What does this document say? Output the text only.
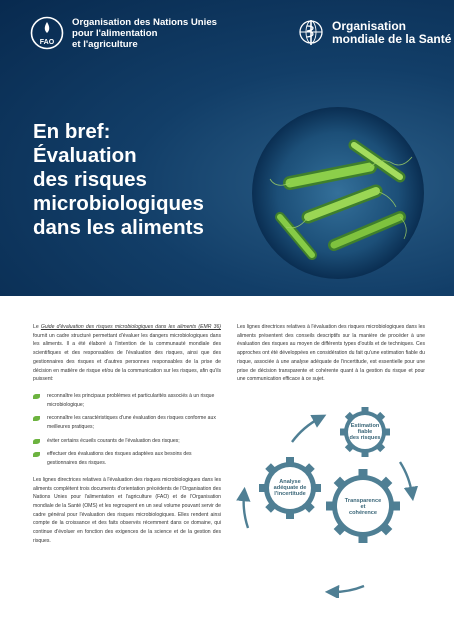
FAO
Organisation des Nations Unies
pour l'alimentation
et l'agriculture
Organisation
mondiale de la Santé
En bref:
Évaluation
des risques
microbiologiques
dans les aliments

Le Guide d'évaluation des risques microbiologiques dans les aliments (EMR 36) fournit un cadre structuré permettant d'évaluer les dangers microbiologiques dans les aliments. Il a été élaboré à l'intention de la communauté mondiale des scientifiques et des responsables de l'évaluation des risques, ainsi que des gestionnaires des risques et d'autres personnes responsables de la prise de décision en matière de risque et/ou de la communication sur les risques, afin qu'ils puissent:

reconnaître les principaux problèmes et particularités associés à un risque microbiologique;
reconnaître les caractéristiques d'une évaluation des risques conforme aux meilleures pratiques;
éviter certains écueils courants de l'évaluation des risques;
effectuer des évaluations des risques adaptées aux besoins des gestionnaires des risques.

Les lignes directrices relatives à l'évaluation des risques microbiologiques dans les aliments complètent trois documents d'orientation précédents de l'Organisation des Nations Unies pour l'alimentation et l'agriculture (FAO) et de l'Organisation mondiale de la Santé (OMS) et les regroupent en un seul volume pouvant servir de cadre général pour l'évaluation des risques microbiologiques. Elles rendent ainsi compte de la croissance et des faits observés récemment dans ce domaine, qui continue d'évoluer en fonction des exigences de la science et de la gestion des risques.

Les lignes directrices relatives à l'évaluation des risques microbiologiques dans les aliments présentent des conseils descriptifs sur la manière de procéder à une évaluation des risques au moyen de différents types d'outils et de techniques. Ces approches ont été développées en considération du fait qu'une estimation fiable du risque, associée à une analyse adéquate de l'incertitude, est essentielle pour une prise de décision transparente et cohérente quant à la gestion du risque et pour une communication efficace à ce sujet.

Estimation
fiable
des risques
Analyse
adéquate de
l'incertitude
Transparence
et
cohérence
